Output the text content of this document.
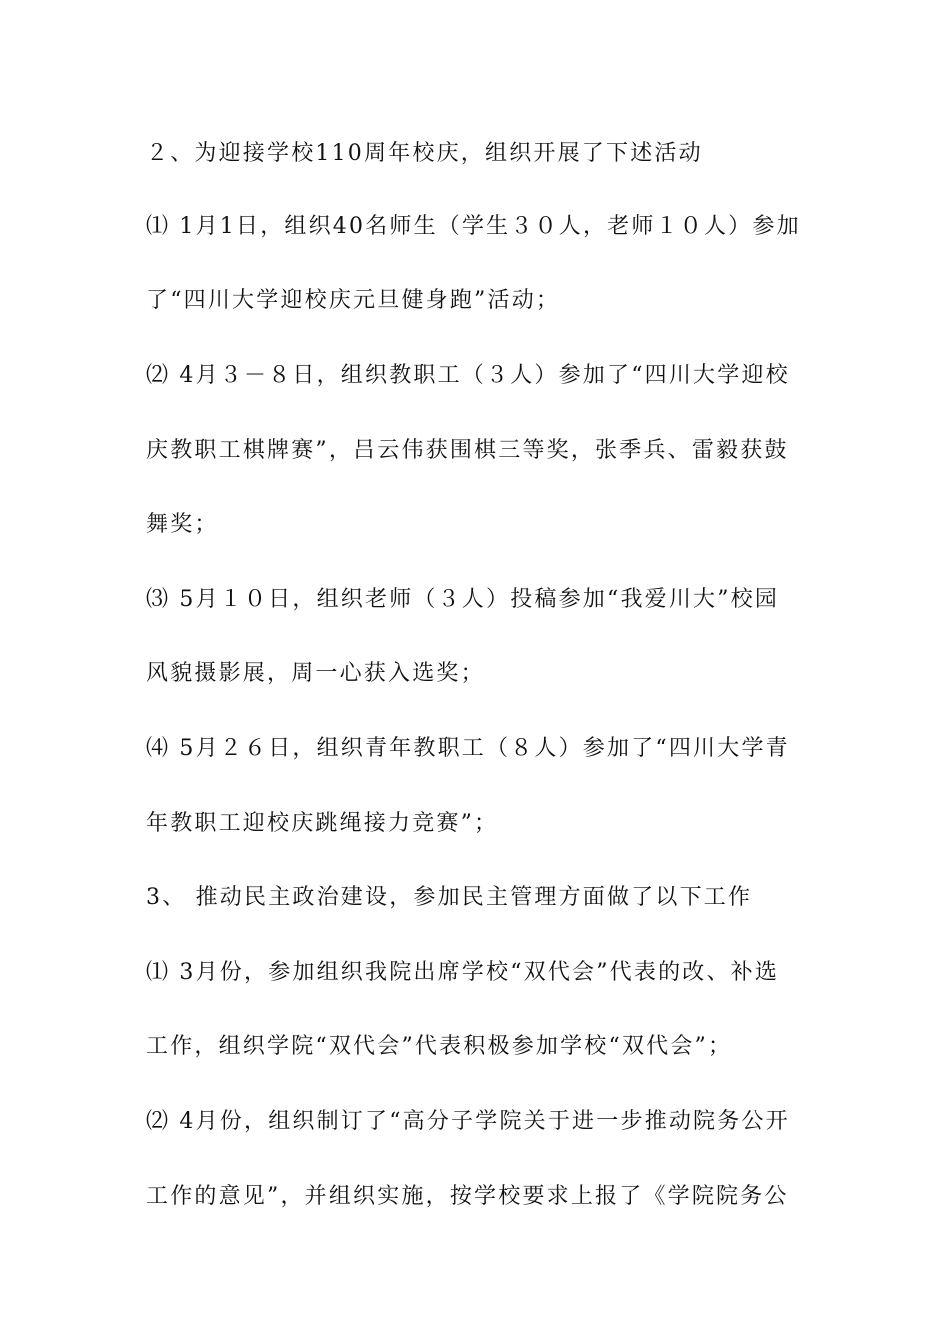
２、为迎接学校110周年校庆，组织开展了下述活动
⑴ 1月1日，组织40名师生（学生３０人，老师１０人）参加
了“四川大学迎校庆元旦健身跑”活动；
⑵ 4月３－８日，组织教职工（３人）参加了“四川大学迎校
庆教职工棋牌赛”，吕云伟获围棋三等奖，张季兵、雷毅获鼓
舞奖；
⑶ 5月１０日，组织老师（３人）投稿参加“我爱川大”校园
风貌摄影展，周一心获入选奖；
⑷ 5月２６日，组织青年教职工（８人）参加了“四川大学青
年教职工迎校庆跳绳接力竞赛”；
3、 推动民主政治建设，参加民主管理方面做了以下工作
⑴ 3月份，参加组织我院出席学校“双代会”代表的改、补选
工作，组织学院“双代会”代表积极参加学校“双代会”；
⑵ 4月份，组织制订了“高分子学院关于进一步推动院务公开
工作的意见”，并组织实施，按学校要求上报了《学院院务公
